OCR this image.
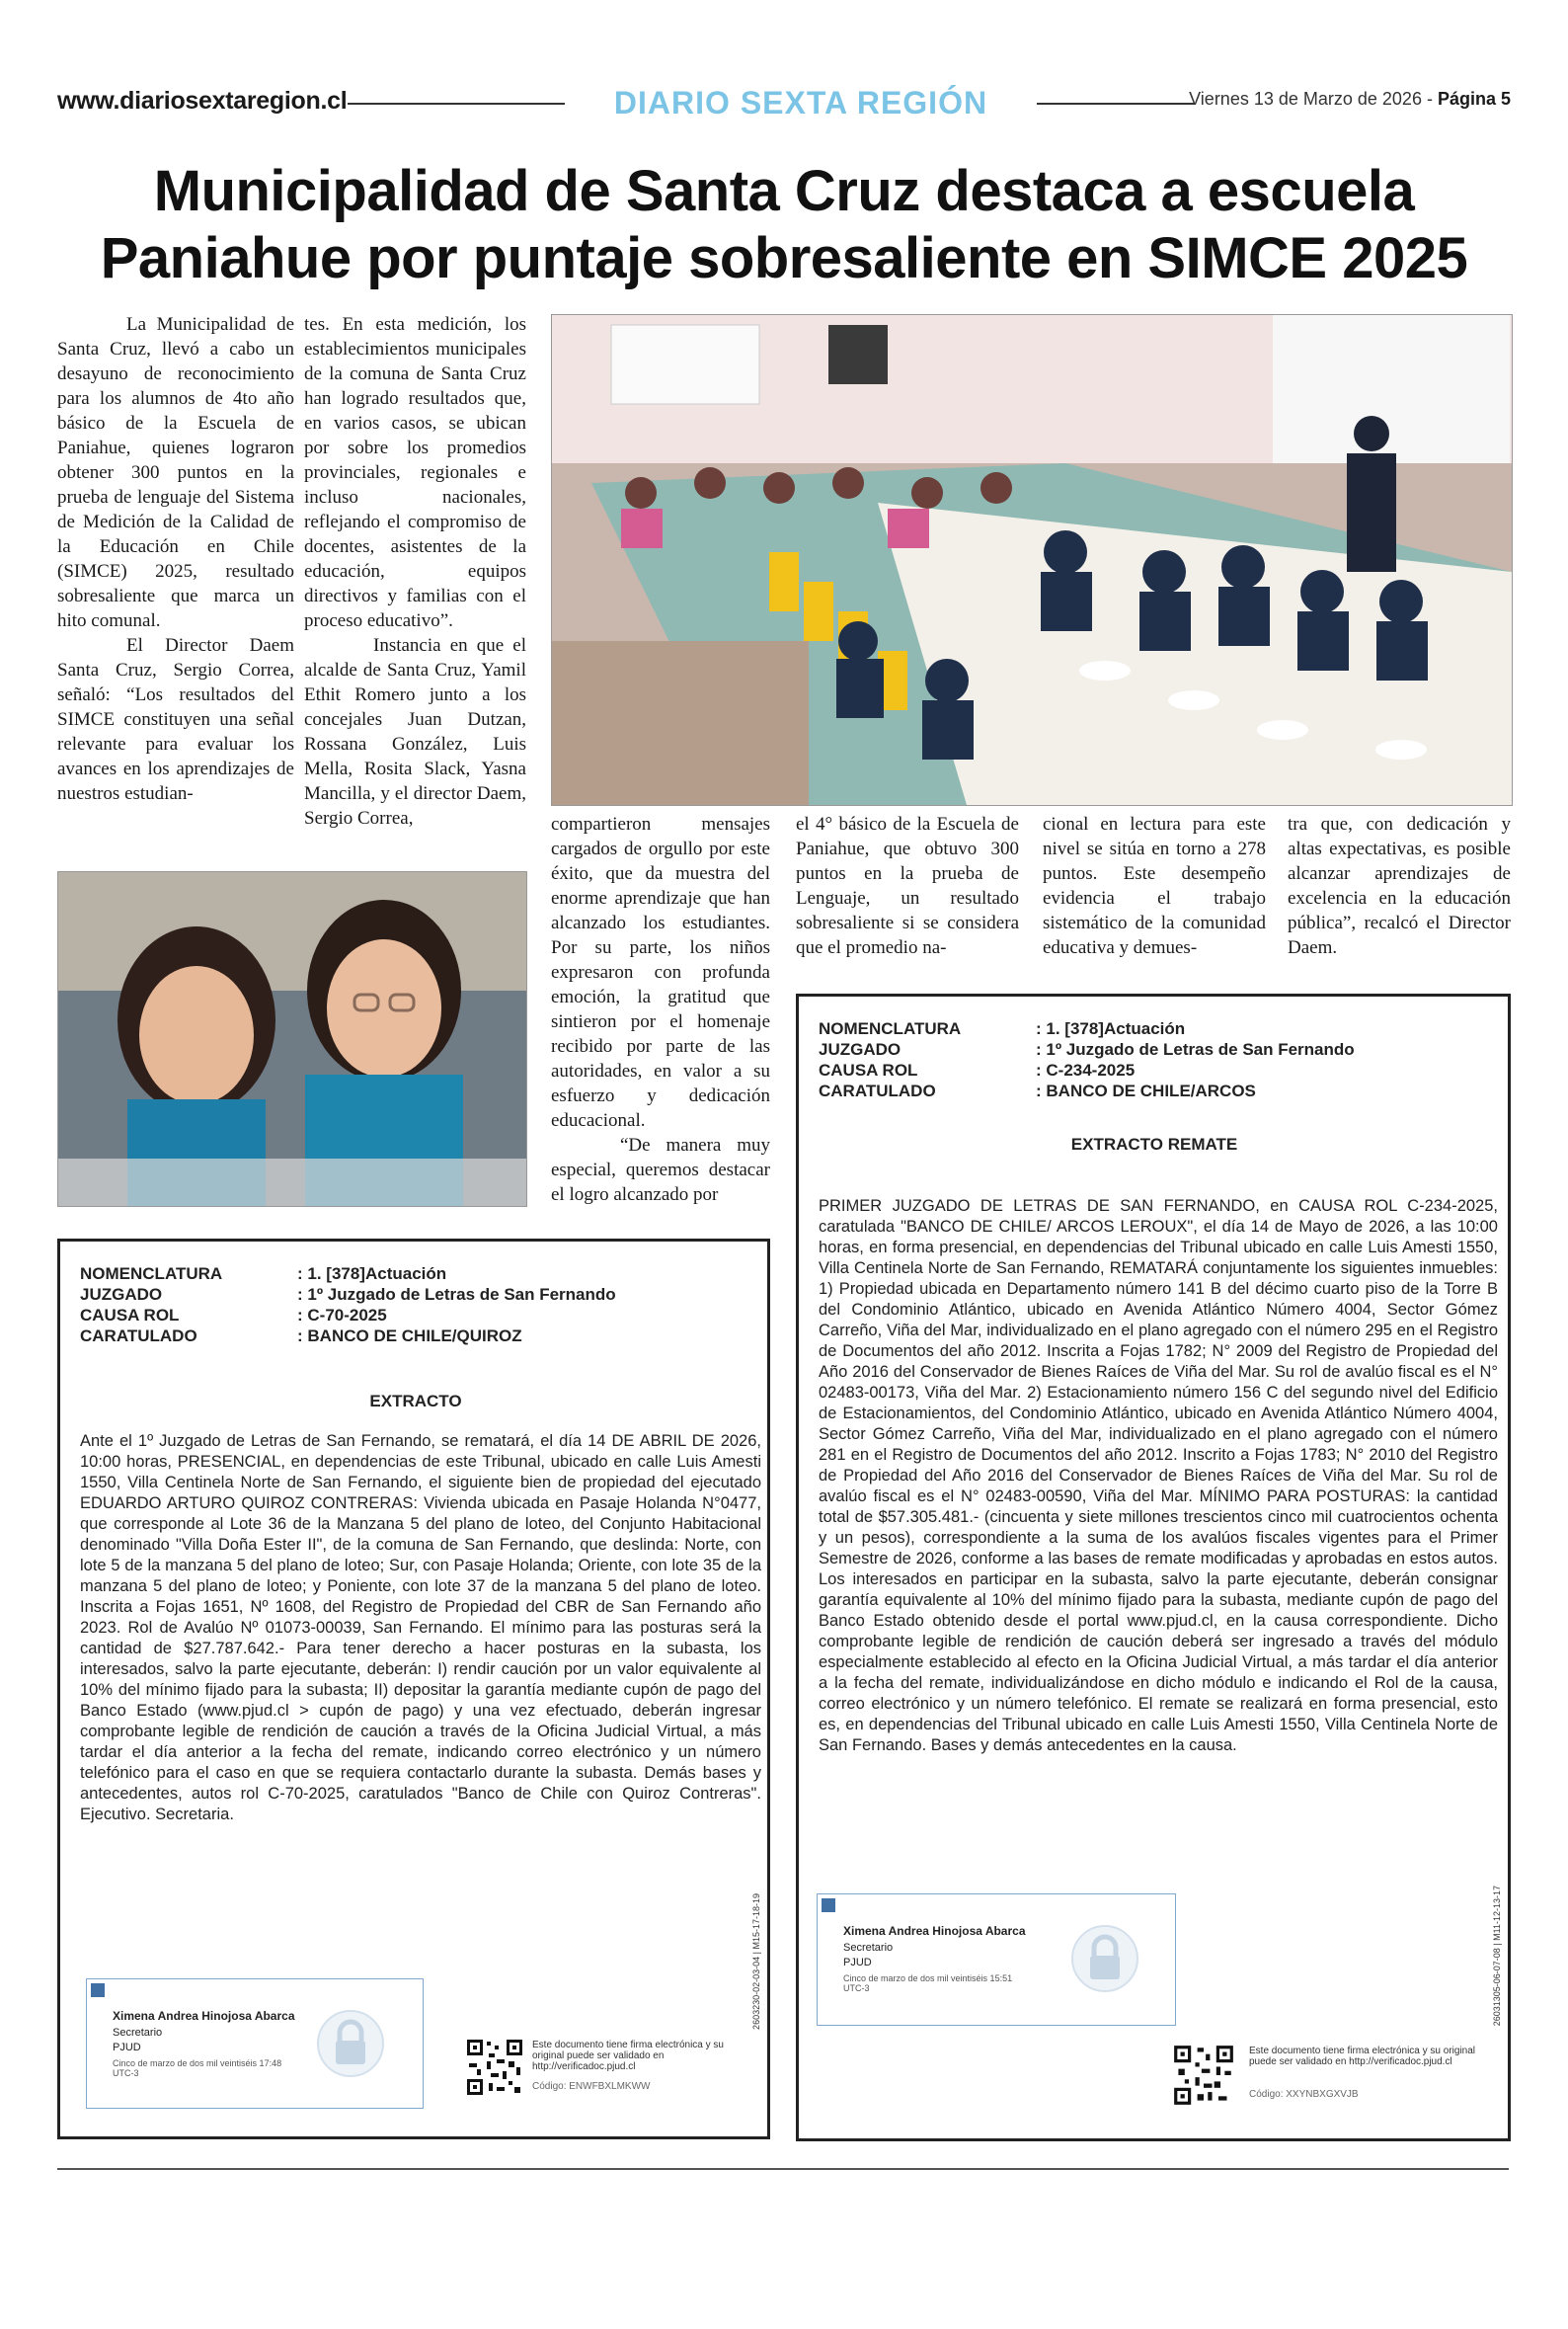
www.diariosextaregion.cl	DIARIO SEXTA REGIÓN	Viernes 13 de Marzo de 2026 - Página 5
Municipalidad de Santa Cruz destaca a escuela
Paniahue por puntaje sobresaliente en SIMCE 2025

La Municipalidad de Santa Cruz, llevó a cabo un desayuno de reconocimiento para los alumnos de 4to año básico de la Escuela de Paniahue, quienes lograron obtener 300 puntos en la prueba de lenguaje del Sistema de Medición de la Calidad de la Educación en Chile (SIMCE) 2025, resultado sobresaliente que marca un hito comunal.

El Director Daem Santa Cruz, Sergio Correa, señaló: “Los resultados del SIMCE constituyen una señal relevante para evaluar los avances en los aprendizajes de nuestros estudian-

tes. En esta medición, los establecimientos municipales de la comuna de Santa Cruz han logrado resultados que, en varios casos, se ubican por sobre los promedios provinciales, regionales e incluso nacionales, reflejando el compromiso de docentes, asistentes de la educación, equipos directivos y familias con el proceso educativo”.

Instancia en que el alcalde de Santa Cruz, Yamil Ethit Romero junto a los concejales Juan Dutzan, Rossana González, Luis Mella, Rosita Slack, Yasna Mancilla, y el director Daem, Sergio Correa,	compartieron mensajes cargados de orgullo por este éxito, que da muestra del enorme aprendizaje que han alcanzado los estudiantes. Por su parte, los niños expresaron con profunda emoción, la gratitud que sintieron por el homenaje recibido por parte de las autoridades, en valor a su esfuerzo y dedicación educacional.

“De manera muy especial, queremos destacar el logro alcanzado por

el 4° básico de la Escuela de Paniahue, que obtuvo 300 puntos en la prueba de Lenguaje, un resultado sobresaliente si se considera que el promedio na-

cional en lectura para este nivel se sitúa en torno a 278 puntos. Este desempeño evidencia el trabajo sistemático de la comunidad educativa y demues-

tra que, con dedicación y altas expectativas, es posible alcanzar aprendizajes de excelencia en la educación pública”, recalcó el Director Daem.

NOMENCLATURA	: 1. [378]Actuación
JUZGADO	: 1º Juzgado de Letras de San Fernando
CAUSA ROL	: C-70-2025
CARATULADO	: BANCO DE CHILE/QUIROZ
EXTRACTO
Ante el 1º Juzgado de Letras de San Fernando, se rematará, el día 14 DE ABRIL DE 2026, 10:00 horas, PRESENCIAL, en dependencias de este Tribunal, ubicado en calle Luis Amesti 1550, Villa Centinela Norte de San Fernando, el siguiente bien de propiedad del ejecutado EDUARDO ARTURO QUIROZ CONTRERAS: Vivienda ubicada en Pasaje Holanda N°0477, que corresponde al Lote 36 de la Manzana 5 del plano de loteo, del Conjunto Habitacional denominado "Villa Doña Ester II", de la comuna de San Fernando, que deslinda: Norte, con lote 5 de la manzana 5 del plano de loteo; Sur, con Pasaje Holanda; Oriente, con lote 35 de la manzana 5 del plano de loteo; y Poniente, con lote 37 de la manzana 5 del plano de loteo. Inscrita a Fojas 1651, Nº 1608, del Registro de Propiedad del CBR de San Fernando año 2023. Rol de Avalúo Nº 01073-00039, San Fernando. El mínimo para las posturas será la cantidad de $27.787.642.- Para tener derecho a hacer posturas en la subasta, los interesados, salvo la parte ejecutante, deberán: I) rendir caución por un valor equivalente al 10% del mínimo fijado para la subasta; II) depositar la garantía mediante cupón de pago del Banco Estado (www.pjud.cl > cupón de pago) y una vez efectuado, deberán ingresar comprobante legible de rendición de caución a través de la Oficina Judicial Virtual, a más tardar el día anterior a la fecha del remate, indicando correo electrónico y un número telefónico para el caso en que se requiera contactarlo durante la subasta. Demás bases y antecedentes, autos rol C-70-2025, caratulados "Banco de Chile con Quiroz Contreras". Ejecutivo. Secretaria.
Ximena Andrea Hinojosa Abarca
Secretario
PJUD
Cinco de marzo de dos mil veintiséis 17:48 UTC-3
Este documento tiene firma electrónica y su original puede ser validado en http://verificadoc.pjud.cl
Código: ENWFBXLMKWW
2603230-02-03-04 | M15-17-18-19
NOMENCLATURA	: 1. [378]Actuación
JUZGADO	: 1º Juzgado de Letras de San Fernando
CAUSA ROL	: C-234-2025
CARATULADO	: BANCO DE CHILE/ARCOS
EXTRACTO REMATE
PRIMER JUZGADO DE LETRAS DE SAN FERNANDO, en CAUSA ROL C-234-2025, caratulada "BANCO DE CHILE/ ARCOS LEROUX", el día 14 de Mayo de 2026, a las 10:00 horas, en forma presencial, en dependencias del Tribunal ubicado en calle Luis Amesti 1550, Villa Centinela Norte de San Fernando, REMATARÁ conjuntamente los siguientes inmuebles: 1) Propiedad ubicada en Departamento número 141 B del décimo cuarto piso de la Torre B del Condominio Atlántico, ubicado en Avenida Atlántico Número 4004, Sector Gómez Carreño, Viña del Mar, individualizado en el plano agregado con el número 295 en el Registro de Documentos del año 2012. Inscrita a Fojas 1782; N° 2009 del Registro de Propiedad del Año 2016 del Conservador de Bienes Raíces de Viña del Mar. Su rol de avalúo fiscal es el N° 02483-00173, Viña del Mar. 2) Estacionamiento número 156 C del segundo nivel del Edificio de Estacionamientos, del Condominio Atlántico, ubicado en Avenida Atlántico Número 4004, Sector Gómez Carreño, Viña del Mar, individualizado en el plano agregado con el número 281 en el Registro de Documentos del año 2012. Inscrito a Fojas 1783; N° 2010 del Registro de Propiedad del Año 2016 del Conservador de Bienes Raíces de Viña del Mar. Su rol de avalúo fiscal es el N° 02483-00590, Viña del Mar. MÍNIMO PARA POSTURAS: la cantidad total de $57.305.481.- (cincuenta y siete millones trescientos cinco mil cuatrocientos ochenta y un pesos), correspondiente a la suma de los avalúos fiscales vigentes para el Primer Semestre de 2026, conforme a las bases de remate modificadas y aprobadas en estos autos. Los interesados en participar en la subasta, salvo la parte ejecutante, deberán consignar garantía equivalente al 10% del mínimo fijado para la subasta, mediante cupón de pago del Banco Estado obtenido desde el portal www.pjud.cl, en la causa correspondiente. Dicho comprobante legible de rendición de caución deberá ser ingresado a través del módulo especialmente establecido al efecto en la Oficina Judicial Virtual, a más tardar el día anterior a la fecha del remate, individualizándose en dicho módulo e indicando el Rol de la causa, correo electrónico y un número telefónico. El remate se realizará en forma presencial, esto es, en dependencias del Tribunal ubicado en calle Luis Amesti 1550, Villa Centinela Norte de San Fernando. Bases y demás antecedentes en la causa.
Ximena Andrea Hinojosa Abarca
Secretario
PJUD
Cinco de marzo de dos mil veintiséis 15:51 UTC-3
Este documento tiene firma electrónica y su original puede ser validado en http://verificadoc.pjud.cl
Código: XXYNBXGXVJB
26031305-06-07-08 | M11-12-13-17
